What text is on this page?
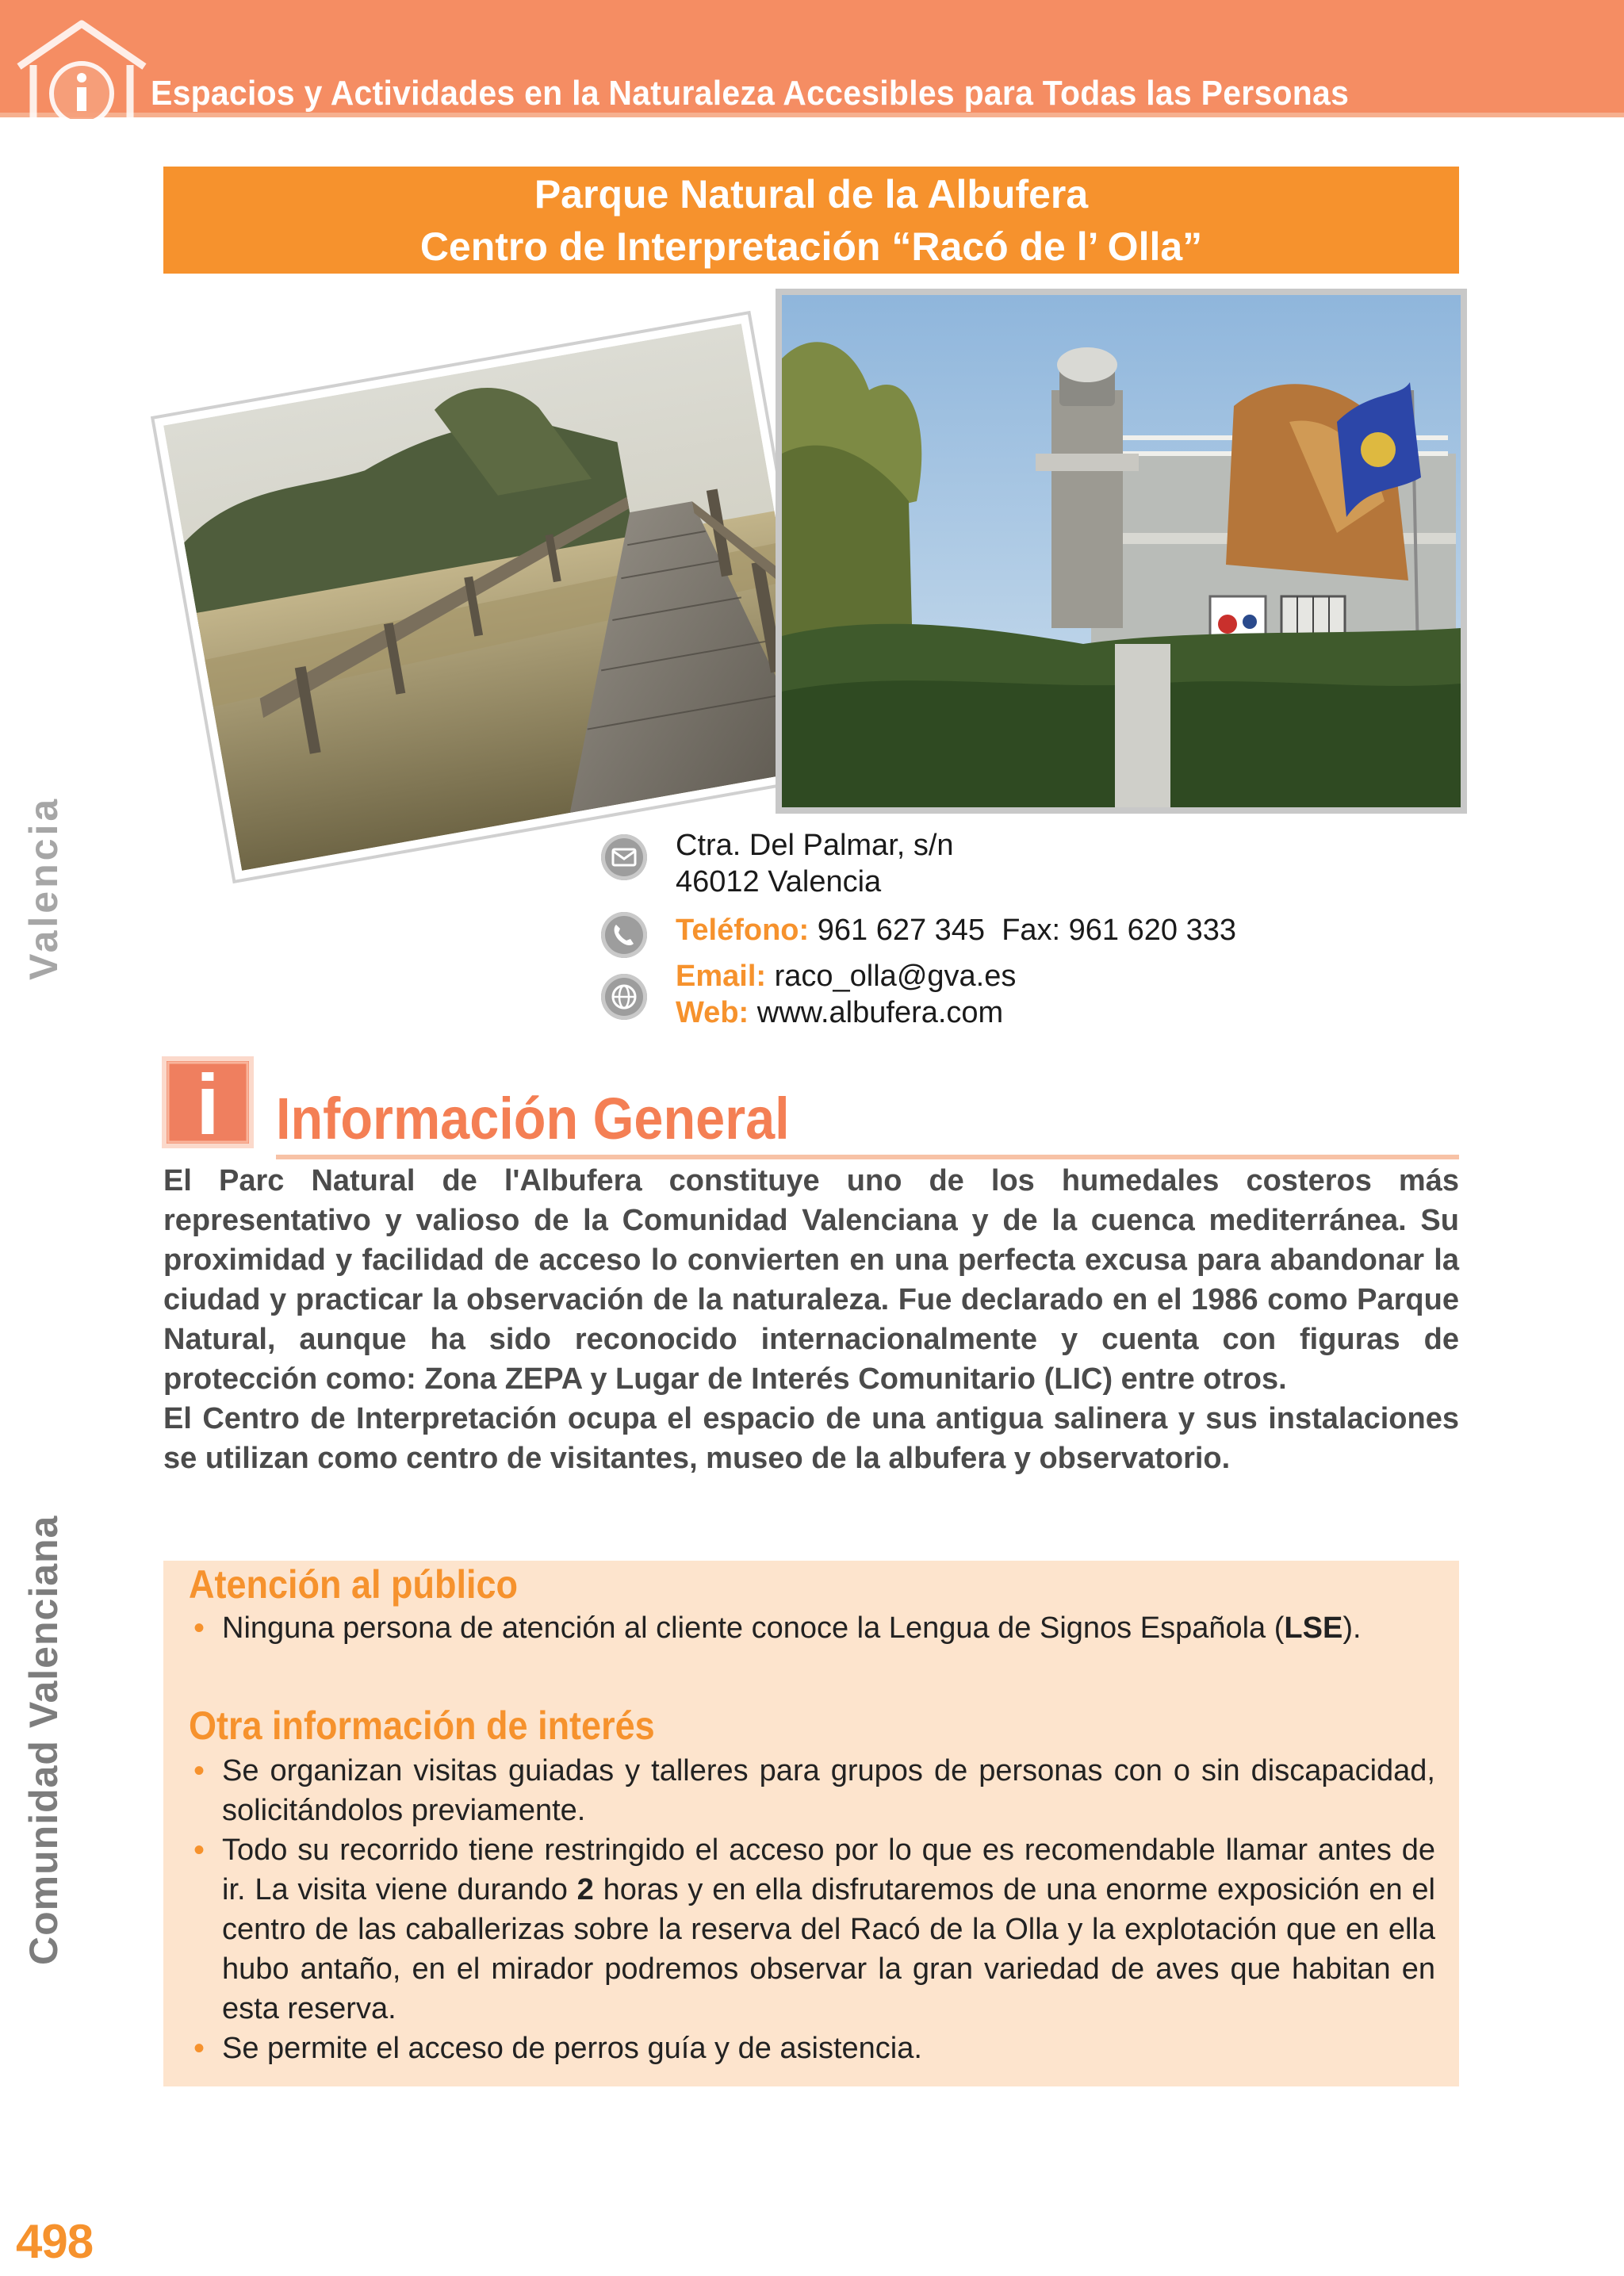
Espacios y Actividades en la Naturaleza Accesibles para Todas las Personas
Valencia
Comunidad Valenciana
Parque Natural de la Albufera
Centro de Interpretación “Racó de l’ Olla”
Ctra. Del Palmar, s/n
46012 Valencia
Teléfono: 961 627 345 Fax: 961 620 333
Email: raco_olla@gva.es
Web: www.albufera.com
i Información General

El Parc Natural de l'Albufera constituye uno de los humedales costeros más representativo y valioso de la Comunidad Valenciana y de la cuenca mediterránea. Su proximidad y facilidad de acceso lo convierten en una perfecta excusa para abandonar la ciudad y practicar la observación de la naturaleza. Fue declarado en el 1986 como Parque Natural, aunque ha sido reconocido internacionalmente y cuenta con figuras de protección como: Zona ZEPA y Lugar de Interés Comunitario (LIC) entre otros.

El Centro de Interpretación ocupa el espacio de una antigua salinera y sus instalaciones se utilizan como centro de visitantes, museo de la albufera y observatorio.

Atención al público
• Ninguna persona de atención al cliente conoce la Lengua de Signos Española (LSE).
Otra información de interés
• Se organizan visitas guiadas y talleres para grupos de personas con o sin discapacidad, solicitándolos previamente.
• Todo su recorrido tiene restringido el acceso por lo que es recomendable llamar antes de ir. La visita viene durando 2 horas y en ella disfrutaremos de una enorme exposición en el centro de las caballerizas sobre la reserva del Racó de la Olla y la explotación que en ella hubo antaño, en el mirador podremos observar la gran variedad de aves que habitan en esta reserva.
• Se permite el acceso de perros guía y de asistencia.
498
